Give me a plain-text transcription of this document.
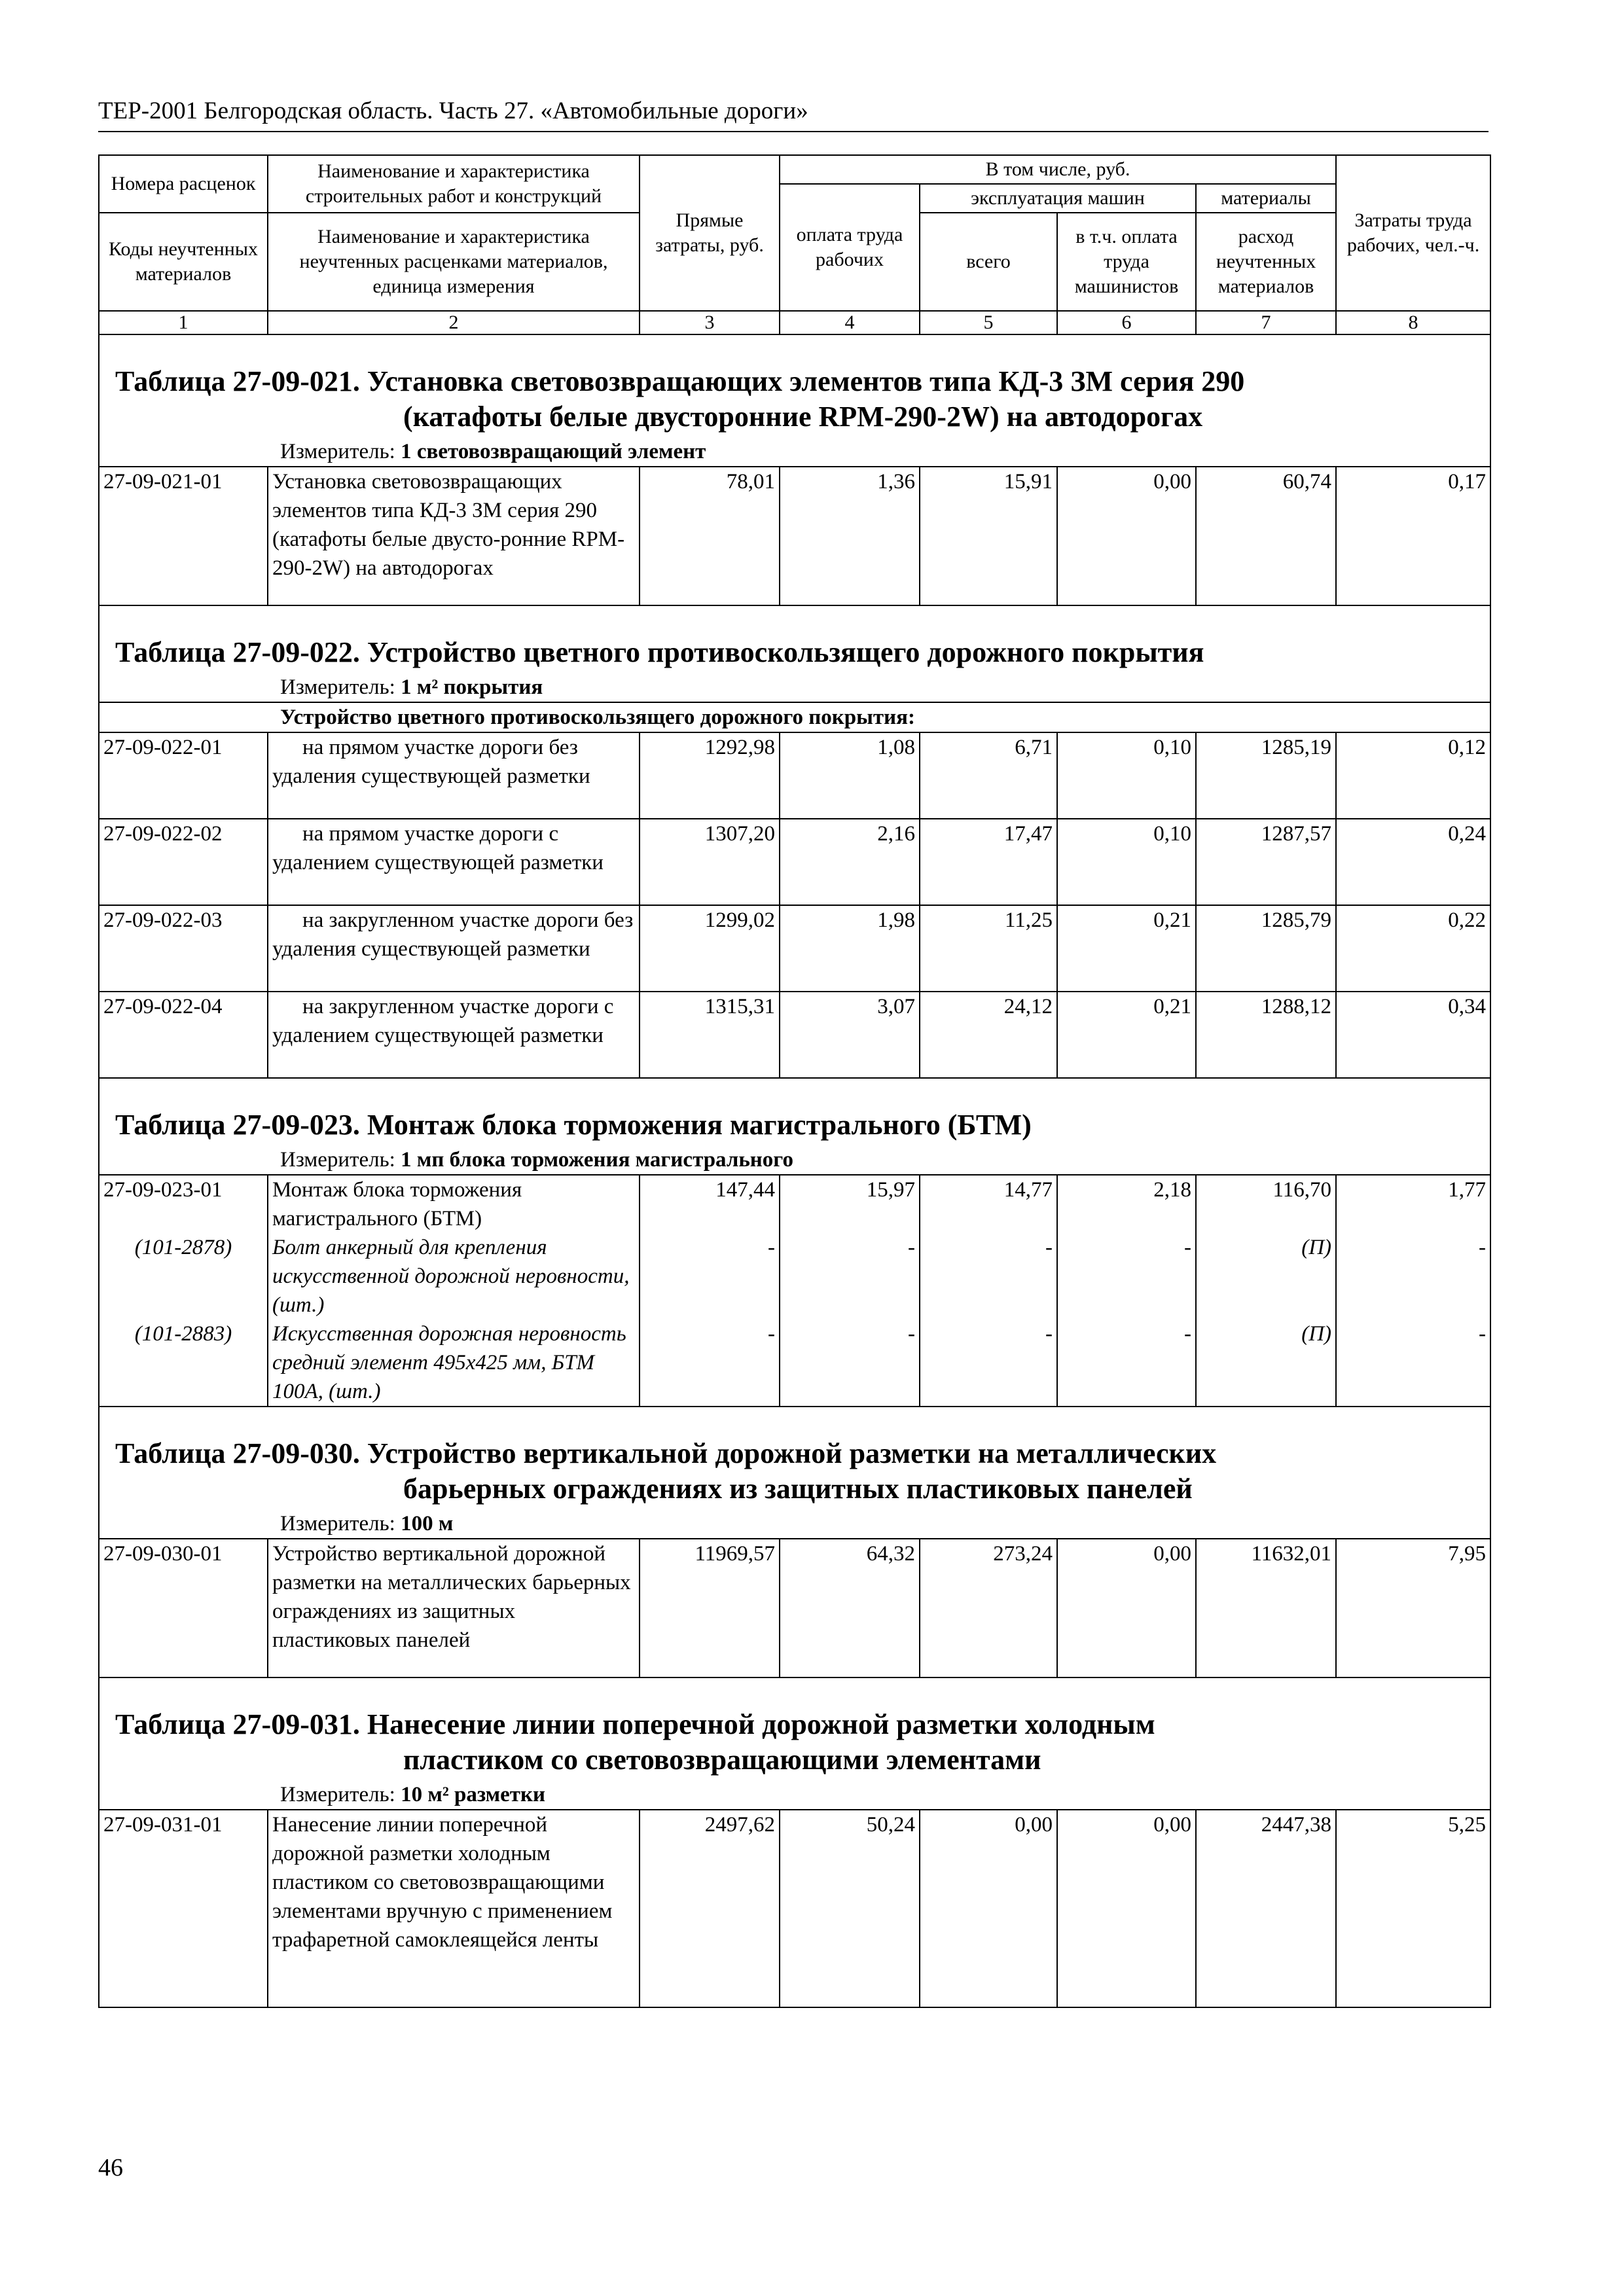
ТЕР-2001 Белгородская область. Часть 27. «Автомобильные дороги»
Номера расценок	Наименование и характеристика строительных работ и конструкций	Прямые затраты, руб.	В том числе, руб.				Затраты труда рабочих, чел.-ч.
			оплата труда рабочих	эксплуатация машин		материалы	
Коды неучтенных материалов	Наименование и характеристика неучтенных расценками материалов, единица измерения			всего	в т.ч. оплата труда машинистов	расход неучтенных материалов	

1	2	3	4	5	6	7	8

Таблица 27-09-021. Установка световозвращающих элементов типа КД-3 ЗМ серия 290
(катафоты белые двусторонние RPM-290-2W) на автодорогах							

Измеритель: 1 световозвращающий элемент							
27-09-021-01	Установка световозвращающих элементов типа КД-3 ЗМ серия 290 (катафоты белые двусто-ронние RPM-290-2W) на автодорогах	78,01	1,36	15,91	0,00	60,74	0,17

Таблица 27-09-022. Устройство цветного противоскользящего дорожного покрытия							

Измеритель: 1 м² покрытия							
Устройство цветного противоскользящего дорожного покрытия:							
27-09-022-01	на прямом участке дороги без удаления существующей разметки	1292,98	1,08	6,71	0,10	1285,19	0,12
27-09-022-02	на прямом участке дороги с удалением существующей разметки	1307,20	2,16	17,47	0,10	1287,57	0,24
27-09-022-03	на закругленном участке дороги без удаления существующей разметки	1299,02	1,98	11,25	0,21	1285,79	0,22
27-09-022-04	на закругленном участке дороги с удалением существующей разметки	1315,31	3,07	24,12	0,21	1288,12	0,34

Таблица 27-09-023. Монтаж блока торможения магистрального (БТМ)							

Измеритель: 1 мп блока торможения магистрального							
27-09-023-01	Монтаж блока торможения магистрального (БТМ)	147,44	15,97	14,77	2,18	116,70	1,77
(101-2878)	Болт анкерный для крепления искусственной дорожной неровности, (шт.)	-	-	-	-	(П)	-
(101-2883)	Искусственная дорожная неровность средний элемент 495х425 мм, БТМ 100А, (шт.)	-	-	-	-	(П)	-

Таблица 27-09-030. Устройство вертикальной дорожной разметки на металлических
барьерных ограждениях из защитных пластиковых панелей							

Измеритель: 100 м							
27-09-030-01	Устройство вертикальной дорожной разметки на металлических барьерных ограждениях из защитных пластиковых панелей	11969,57	64,32	273,24	0,00	11632,01	7,95

Таблица 27-09-031. Нанесение линии поперечной дорожной разметки холодным
пластиком со световозвращающими элементами							

Измеритель: 10 м² разметки							
27-09-031-01	Нанесение линии поперечной дорожной разметки холодным пластиком со световозвращающими элементами вручную с применением трафаретной самоклеящейся ленты	2497,62	50,24	0,00	0,00	2447,38	5,25
46
